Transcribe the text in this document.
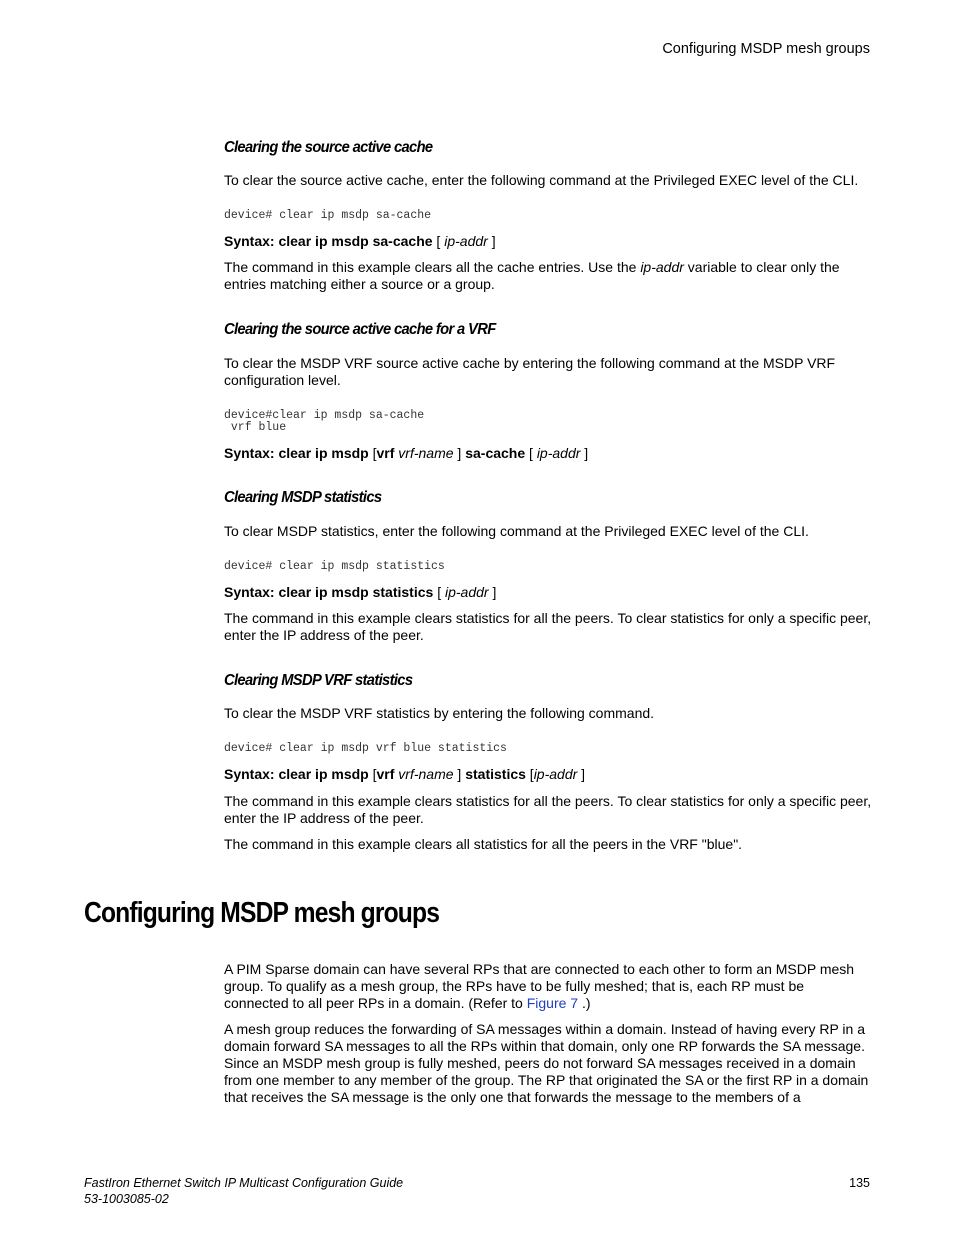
Configuring MSDP mesh groups
Clearing the source active cache
To clear the source active cache, enter the following command at the Privileged EXEC level of the CLI.
device# clear ip msdp sa-cache
Syntax: clear ip msdp sa-cache [ ip-addr ]
The command in this example clears all the cache entries. Use the ip-addr variable to clear only the entries matching either a source or a group.
Clearing the source active cache for a VRF
To clear the MSDP VRF source active cache by entering the following command at the MSDP VRF configuration level.
device#clear ip msdp sa-cache
vrf blue
Syntax: clear ip msdp [vrf vrf-name ] sa-cache [ ip-addr ]
Clearing MSDP statistics
To clear MSDP statistics, enter the following command at the Privileged EXEC level of the CLI.
device# clear ip msdp statistics
Syntax: clear ip msdp statistics [ ip-addr ]
The command in this example clears statistics for all the peers. To clear statistics for only a specific peer, enter the IP address of the peer.
Clearing MSDP VRF statistics
To clear the MSDP VRF statistics by entering the following command.
device# clear ip msdp vrf blue statistics
Syntax: clear ip msdp [vrf vrf-name ] statistics [ip-addr ]
The command in this example clears statistics for all the peers. To clear statistics for only a specific peer, enter the IP address of the peer.
The command in this example clears all statistics for all the peers in the VRF "blue".
Configuring MSDP mesh groups
A PIM Sparse domain can have several RPs that are connected to each other to form an MSDP mesh group. To qualify as a mesh group, the RPs have to be fully meshed; that is, each RP must be connected to all peer RPs in a domain. (Refer to Figure 7 .)
A mesh group reduces the forwarding of SA messages within a domain. Instead of having every RP in a domain forward SA messages to all the RPs within that domain, only one RP forwards the SA message. Since an MSDP mesh group is fully meshed, peers do not forward SA messages received in a domain from one member to any member of the group. The RP that originated the SA or the first RP in a domain that receives the SA message is the only one that forwards the message to the members of a
FastIron Ethernet Switch IP Multicast Configuration Guide
53-1003085-02
135
